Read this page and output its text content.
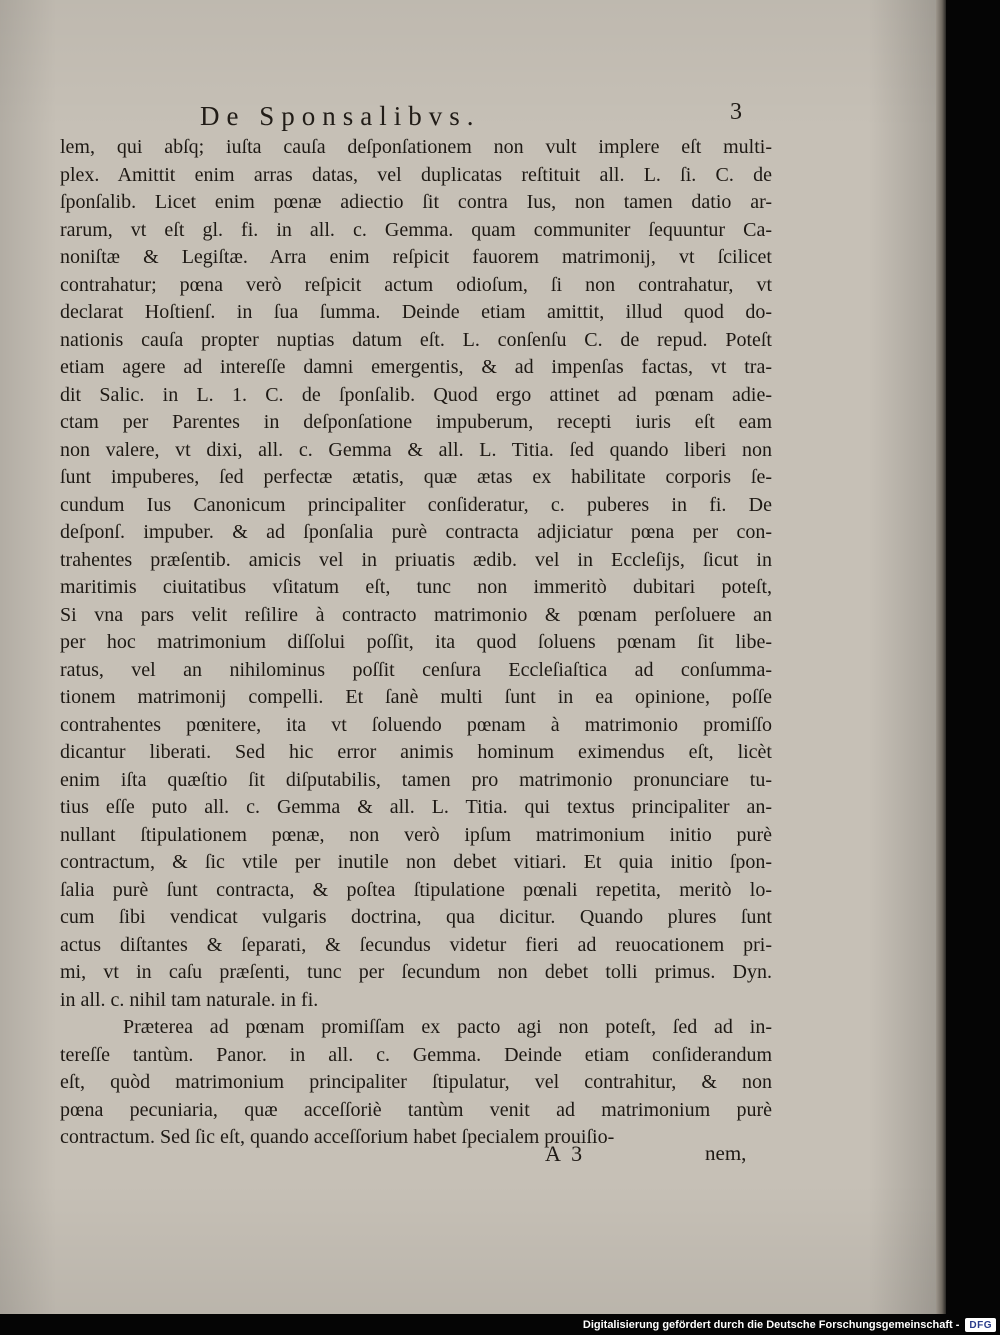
De Sponsalibvs.	3
lem, qui abſq; iuſta cauſa deſponſationem non vult implere eſt multi-
plex. Amittit enim arras datas, vel duplicatas reſtituit all. L. ſi. C. de
ſponſalib. Licet enim pœnæ adiectio ſit contra Ius, non tamen datio ar-
rarum, vt eſt gl. fi. in all. c. Gemma. quam communiter ſequuntur Ca-
noniſtæ & Legiſtæ. Arra enim reſpicit fauorem matrimonij, vt ſcilicet
contrahatur; pœna verò reſpicit actum odioſum, ſi non contrahatur, vt
declarat Hoſtienſ. in ſua ſumma. Deinde etiam amittit, illud quod do-
nationis cauſa propter nuptias datum eſt. L. conſenſu C. de repud. Poteſt
etiam agere ad intereſſe damni emergentis, & ad impenſas factas, vt tra-
dit Salic. in L. 1. C. de ſponſalib. Quod ergo attinet ad pœnam adie-
ctam per Parentes in deſponſatione impuberum, recepti iuris eſt eam
non valere, vt dixi, all. c. Gemma & all. L. Titia. ſed quando liberi non
ſunt impuberes, ſed perfectæ ætatis, quæ ætas ex habilitate corporis ſe-
cundum Ius Canonicum principaliter conſideratur, c. puberes in fi. De
deſponſ. impuber. & ad ſponſalia purè contracta adjiciatur pœna per con-
trahentes præſentib. amicis vel in priuatis ædib. vel in Eccleſijs, ſicut in
maritimis ciuitatibus vſitatum eſt, tunc non immeritò dubitari poteſt,
Si vna pars velit reſilire à contracto matrimonio & pœnam perſoluere an
per hoc matrimonium diſſolui poſſit, ita quod ſoluens pœnam ſit libe-
ratus, vel an nihilominus poſſit cenſura Eccleſiaſtica ad conſumma-
tionem matrimonij compelli. Et ſanè multi ſunt in ea opinione, poſſe
contrahentes pœnitere, ita vt ſoluendo pœnam à matrimonio promiſſo
dicantur liberati. Sed hic error animis hominum eximendus eſt, licèt
enim iſta quæſtio ſit diſputabilis, tamen pro matrimonio pronunciare tu-
tius eſſe puto all. c. Gemma & all. L. Titia. qui textus principaliter an-
nullant ſtipulationem pœnæ, non verò ipſum matrimonium initio purè
contractum, & ſic vtile per inutile non debet vitiari. Et quia initio ſpon-
ſalia purè ſunt contracta, & poſtea ſtipulatione pœnali repetita, meritò lo-
cum ſibi vendicat vulgaris doctrina, qua dicitur. Quando plures ſunt
actus diſtantes & ſeparati, & ſecundus videtur fieri ad reuocationem pri-
mi, vt in caſu præſenti, tunc per ſecundum non debet tolli primus. Dyn.
in all. c. nihil tam naturale. in fi.
Præterea ad pœnam promiſſam ex pacto agi non poteſt, ſed ad in-
tereſſe tantùm. Panor. in all. c. Gemma. Deinde etiam conſiderandum
eſt, quòd matrimonium principaliter ſtipulatur, vel contrahitur, & non
pœna pecuniaria, quæ acceſſoriè tantùm venit ad matrimonium purè
contractum. Sed ſic eſt, quando acceſſorium habet ſpecialem prouiſio-
A 3	nem,
Digitalisierung gefördert durch die Deutsche Forschungsgemeinschaft -	DFG
